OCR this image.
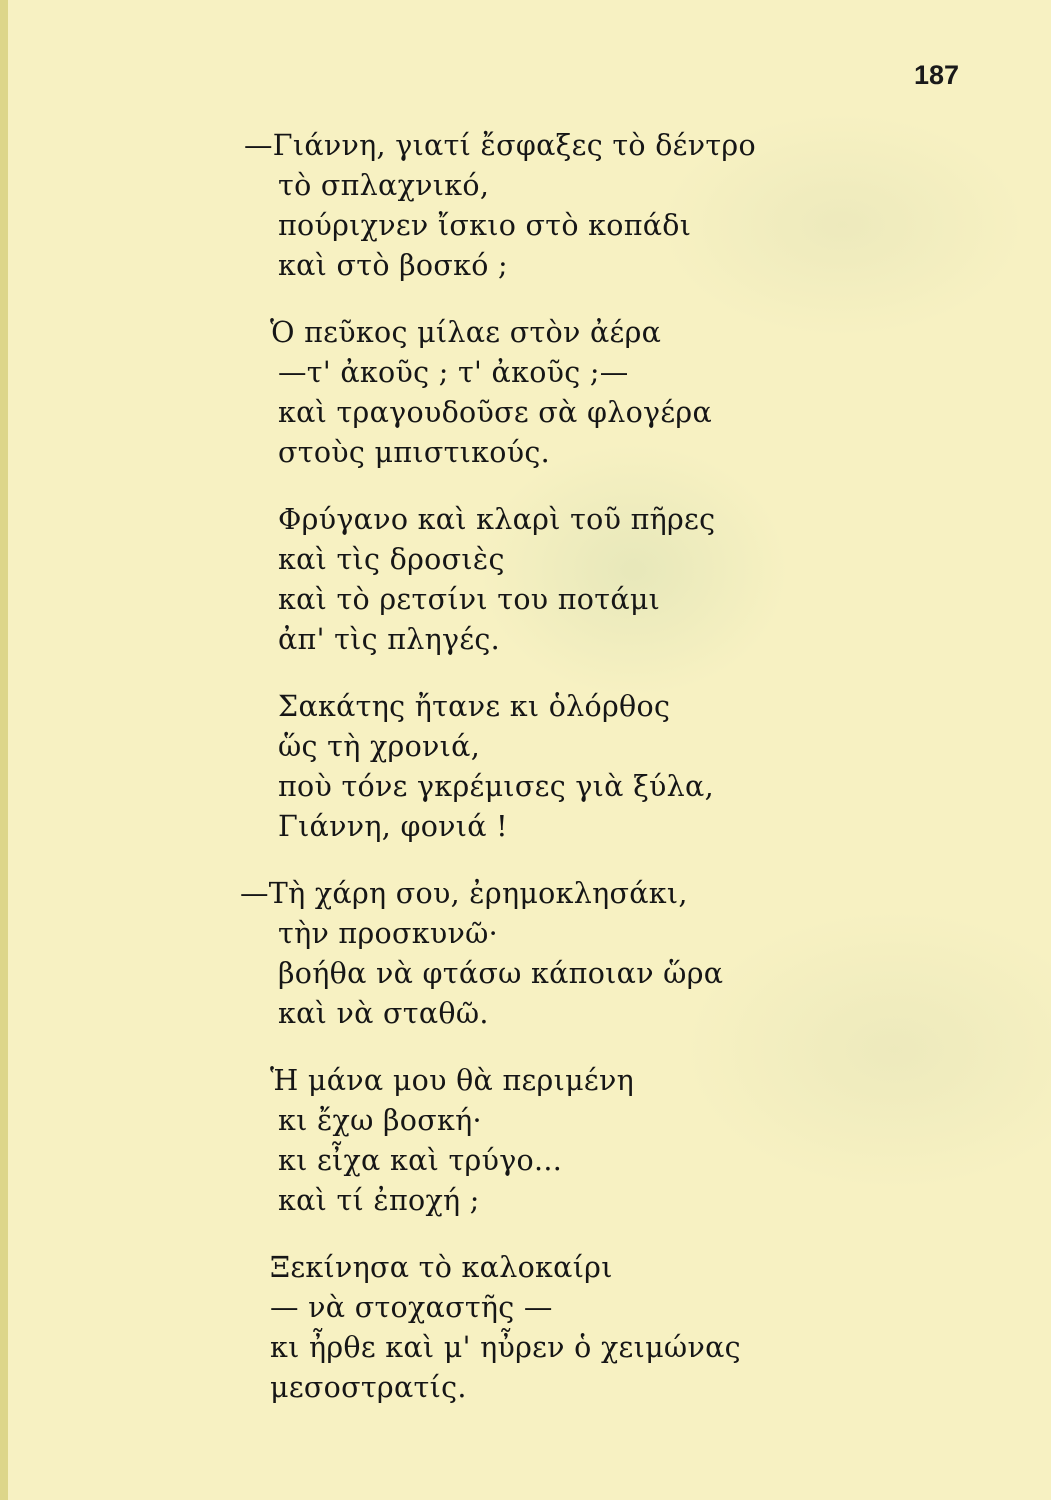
187

—Γιάννη, γιατί ἔσφαξες τὸ δέντρο
τὸ σπλαχνικό,
πούριχνεν ἴσκιο στὸ κοπάδι
καὶ στὸ βοσκό ;
Ὁ πεῦκος μίλαε στὸν ἀέρα
—τ' ἀκοῦς ; τ' ἀκοῦς ;—
καὶ τραγουδοῦσε σὰ φλογέρα
στοὺς μπιστικούς.
Φρύγανο καὶ κλαρὶ τοῦ πῆρες
καὶ τὶς δροσιὲς
καὶ τὸ ρετσίνι του ποτάμι
ἀπ' τὶς πληγές.
Σακάτης ἤτανε κι ὁλόρθος
ὥς τὴ χρονιά,
ποὺ τόνε γκρέμισες γιὰ ξύλα,
Γιάννη, φονιά !
—Τὴ χάρη σου, ἐρημοκλησάκι,
τὴν προσκυνῶ·
βοήθα νὰ φτάσω κάποιαν ὥρα
καὶ νὰ σταθῶ.
Ἡ μάνα μου θὰ περιμένη
κι ἔχω βοσκή·
κι εἶχα καὶ τρύγο...
καὶ τί ἐποχή ;
Ξεκίνησα τὸ καλοκαίρι
— νὰ στοχαστῆς —
κι ἦρθε καὶ μ' ηὖρεν ὁ χειμώνας
μεσοστρατίς.
